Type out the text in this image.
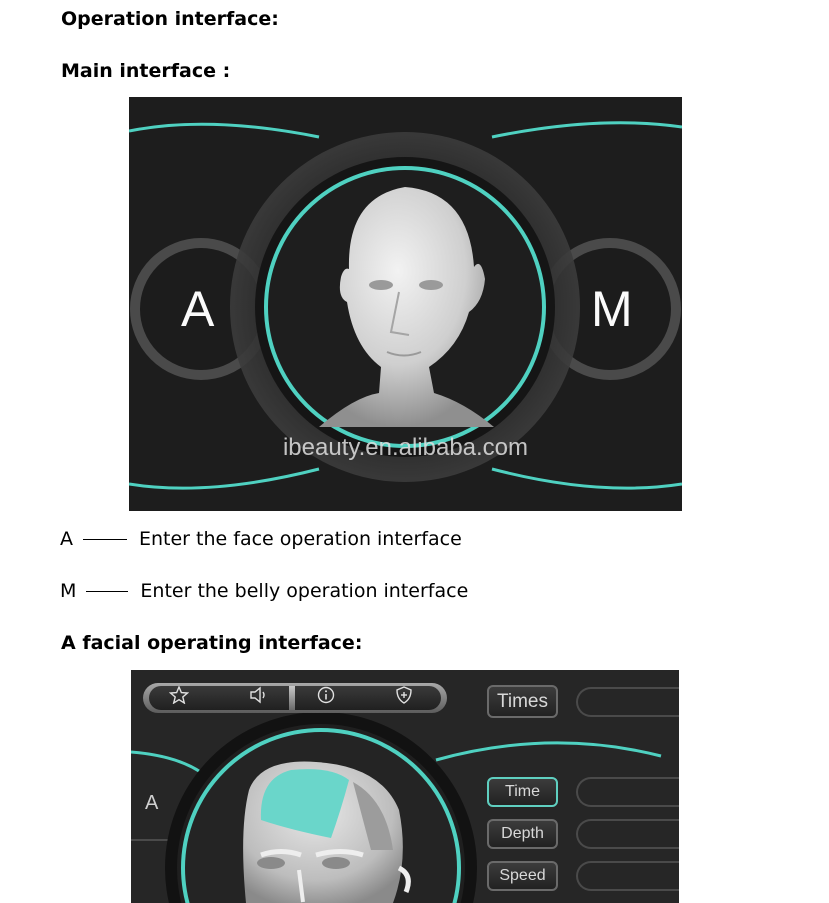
Operation interface:
Main interface :
A	M
ibeauty.en.alibaba.com
A	Enter the face operation interface
M	Enter the belly operation interface
A facial operating interface:
Times
A
Time
Depth
Speed
